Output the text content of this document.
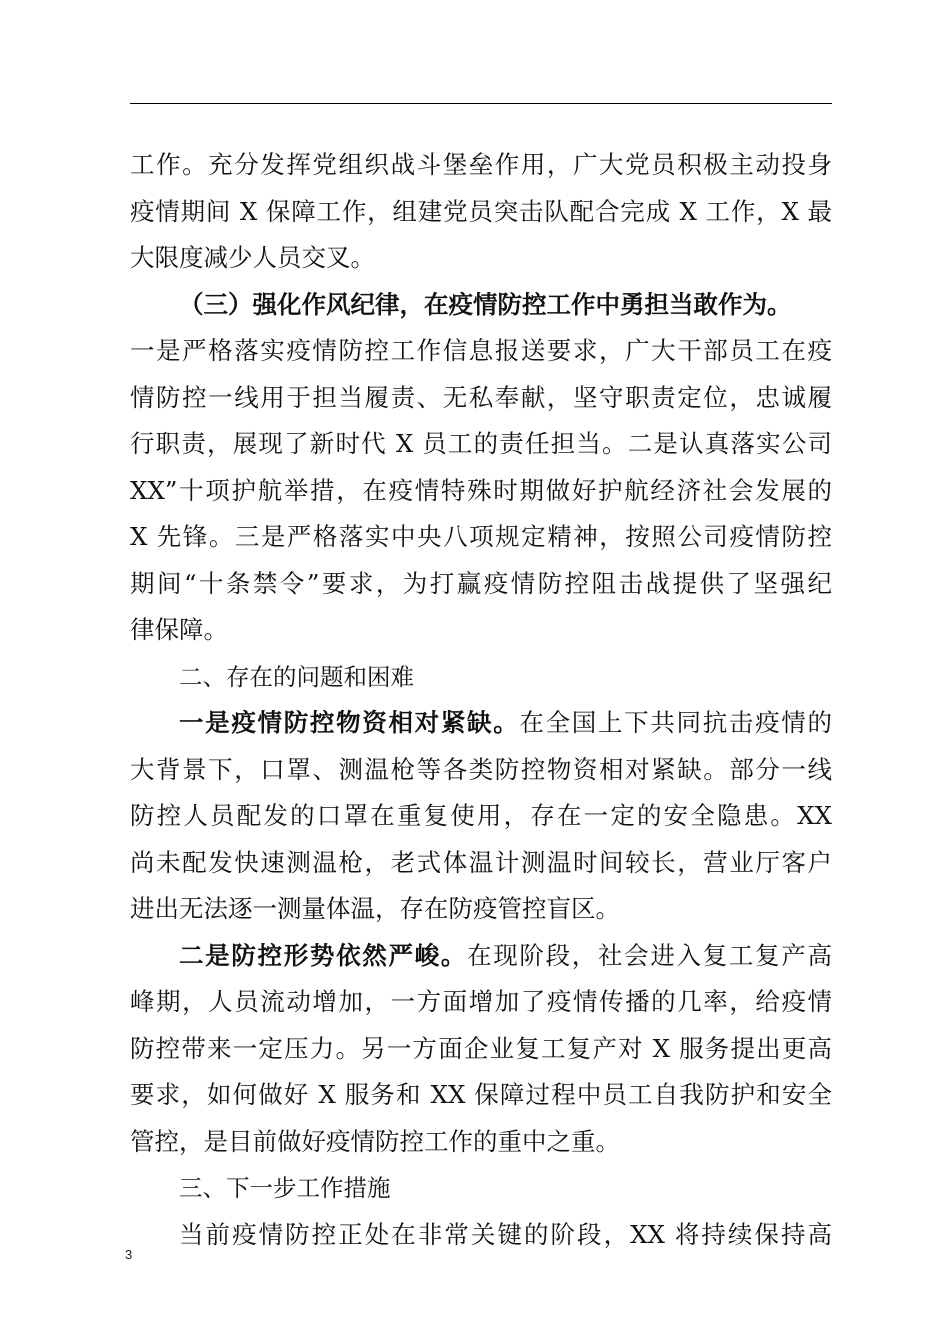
工作。充分发挥党组织战斗堡垒作用，广大党员积极主动投身
疫情期间 X 保障工作，组建党员突击队配合完成 X 工作，X 最
大限度减少人员交叉。
（三）强化作风纪律，在疫情防控工作中勇担当敢作为。
一是严格落实疫情防控工作信息报送要求，广大干部员工在疫
情防控一线用于担当履责、无私奉献，坚守职责定位，忠诚履
行职责，展现了新时代 X 员工的责任担当。二是认真落实公司
XX”十项护航举措，在疫情特殊时期做好护航经济社会发展的
X 先锋。三是严格落实中央八项规定精神，按照公司疫情防控
期间“十条禁令”要求，为打赢疫情防控阻击战提供了坚强纪
律保障。
二、存在的问题和困难
一是疫情防控物资相对紧缺。在全国上下共同抗击疫情的
大背景下，口罩、测温枪等各类防控物资相对紧缺。部分一线
防控人员配发的口罩在重复使用，存在一定的安全隐患。XX
尚未配发快速测温枪，老式体温计测温时间较长，营业厅客户
进出无法逐一测量体温，存在防疫管控盲区。
二是防控形势依然严峻。在现阶段，社会进入复工复产高
峰期，人员流动增加，一方面增加了疫情传播的几率，给疫情
防控带来一定压力。另一方面企业复工复产对 X 服务提出更高
要求，如何做好 X 服务和 XX 保障过程中员工自我防护和安全
管控，是目前做好疫情防控工作的重中之重。
三、下一步工作措施
当前疫情防控正处在非常关键的阶段，XX 将持续保持高
3
